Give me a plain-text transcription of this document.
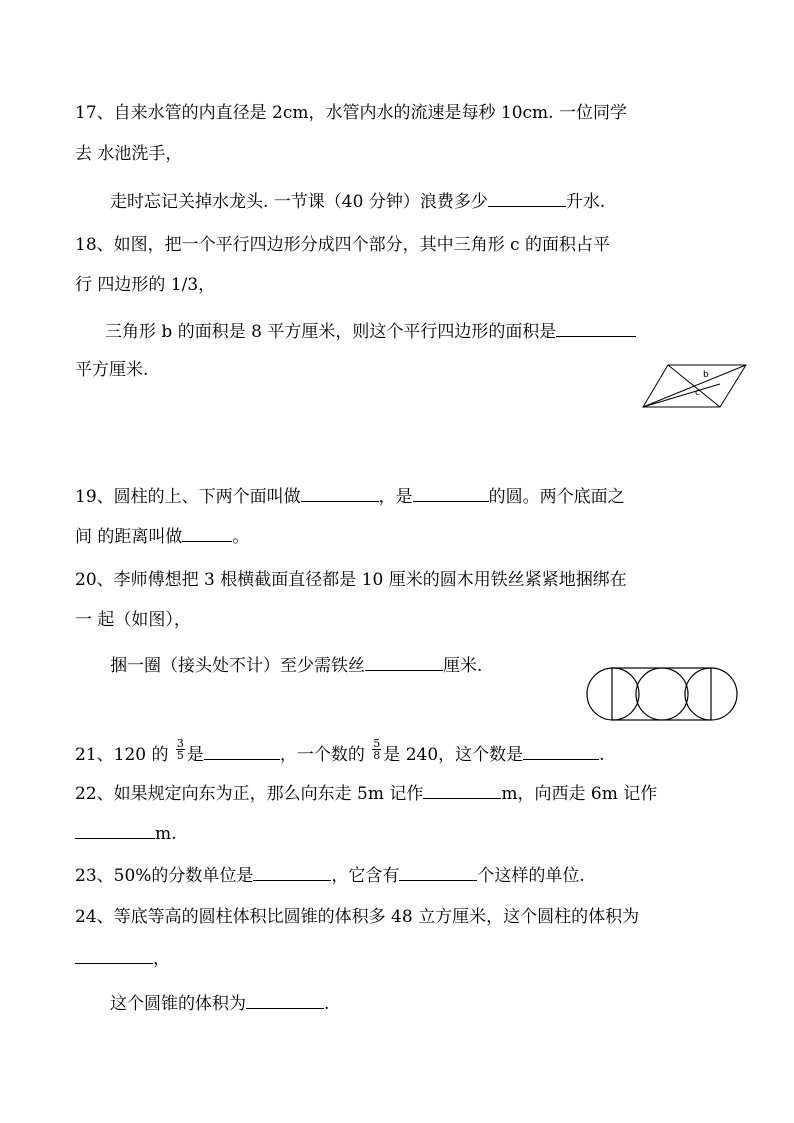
17、自来水管的内直径是 2cm，水管内水的流速是每秒 10cm. 一位同学
去 水池洗手，
走时忘记关掉水龙头. 一节课（40 分钟）浪费多少	升水.
18、如图，把一个平行四边形分成四个部分，其中三角形 c 的面积占平
行 四边形的 1/3，
三角形 b 的面积是 8 平方厘米，则这个平行四边形的面积是
平方厘米.	b
c
19、圆柱的上、下两个面叫做	，是	的圆。两个底面之
间 的距离叫做	。
20、李师傅想把 3 根横截面直径都是 10 厘米的圆木用铁丝紧紧地捆绑在
一 起（如图），
捆一圈（接头处不计）至少需铁丝	厘米.
21、120 的 $\frac{3}{5}$ 是	，一个数的 $\frac{5}{8}$ 是 240，这个数是	.
22、如果规定向东为正，那么向东走 5m 记作	m，向西走 6m 记作
m.
23、50%的分数单位是	，它含有	个这样的单位.
24、等底等高的圆柱体积比圆锥的体积多 48 立方厘米，这个圆柱的体积为
，
这个圆锥的体积为	.
